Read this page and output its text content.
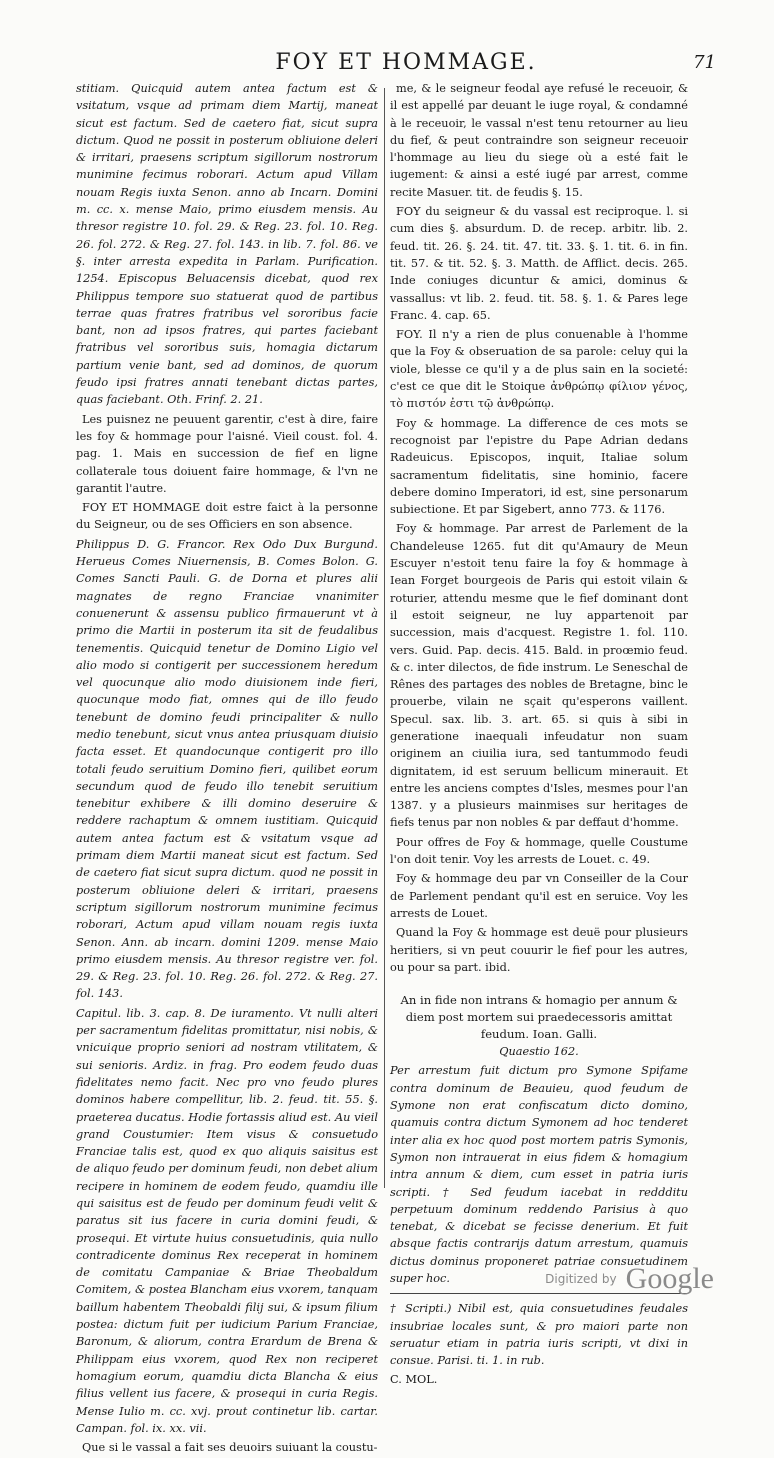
FOY ET HOMMAGE.	71
stitiam. Quicquid autem antea factum est & vsitatum, vsque ad primam diem Martij, maneat sicut est factum. Sed de caetero fiat, sicut supra dictum. Quod ne possit in posterum obliuione deleri & irritari, praesens scriptum sigillorum nostrorum munimine fecimus roborari. Actum apud Villam nouam Regis iuxta Senon. anno ab Incarn. Domini m. cc. x. mense Maio, primo eiusdem mensis. Au thresor registre 10. fol. 29. & Reg. 23. fol. 10. Reg. 26. fol. 272. & Reg. 27. fol. 143. in lib. 7. fol. 86. ve §. inter arresta expedita in Parlam. Purification. 1254. Episcopus Beluacensis dicebat, quod rex Philippus tempore suo statuerat quod de partibus terrae quas fratres fratribus vel sororibus facie bant, non ad ipsos fratres, qui partes faciebant fratribus vel sororibus suis, homagia dictarum partium venie bant, sed ad dominos, de quorum feudo ipsi fratres annati tenebant dictas partes, quas faciebant. Oth. Frinf. 2. 21.
Les puisnez ne peuuent garentir, c'est à dire, faire les foy & hommage pour l'aisné. Vieil coust. fol. 4. pag. 1. Mais en succession de fief en ligne collaterale tous doiuent faire hommage, & l'vn ne garantit l'autre.
FOY ET HOMMAGE doit estre faict à la personne du Seigneur, ou de ses Officiers en son absence.
Philippus D. G. Francor. Rex Odo Dux Burgund. Herueus Comes Niuernensis, B. Comes Bolon. G. Comes Sancti Pauli. G. de Dorna et plures alii magnates de regno Franciae vnanimiter conuenerunt & assensu publico firmauerunt vt à primo die Martii in posterum ita sit de feudalibus tenementis. Quicquid tenetur de Domino Ligio vel alio modo si contigerit per successionem heredum vel quocunque alio modo diuisionem inde fieri, quocunque modo fiat, omnes qui de illo feudo tenebunt de domino feudi principaliter & nullo medio tenebunt, sicut vnus antea priusquam diuisio facta esset. Et quandocunque contigerit pro illo totali feudo seruitium Domino fieri, quilibet eorum secundum quod de feudo illo tenebit seruitium tenebitur exhibere & illi domino deseruire & reddere rachaptum & omnem iustitiam. Quicquid autem antea factum est & vsitatum vsque ad primam diem Martii maneat sicut est factum. Sed de caetero fiat sicut supra dictum. quod ne possit in posterum obliuione deleri & irritari, praesens scriptum sigillorum nostrorum munimine fecimus roborari, Actum apud villam nouam regis iuxta Senon. Ann. ab incarn. domini 1209. mense Maio primo eiusdem mensis. Au thresor registre ver. fol. 29. & Reg. 23. fol. 10. Reg. 26. fol. 272. & Reg. 27. fol. 143.
Capitul. lib. 3. cap. 8. De iuramento. Vt nulli alteri per sacramentum fidelitas promittatur, nisi nobis, & vnicuique proprio seniori ad nostram vtilitatem, & sui senioris. Ardiz. in frag. Pro eodem feudo duas fidelitates nemo facit. Nec pro vno feudo plures dominos habere compellitur, lib. 2. feud. tit. 55. §. praeterea ducatus. Hodie fortassis aliud est. Au vieil grand Coustumier: Item visus & consuetudo Franciae talis est, quod ex quo aliquis saisitus est de aliquo feudo per dominum feudi, non debet alium recipere in hominem de eodem feudo, quamdiu ille qui saisitus est de feudo per dominum feudi velit & paratus sit ius facere in curia domini feudi, & prosequi. Et virtute huius consuetudinis, quia nullo contradicente dominus Rex receperat in hominem de comitatu Campaniae & Briae Theobaldum Comitem, & postea Blancham eius vxorem, tanquam baillum habentem Theobaldi filij sui, & ipsum filium postea: dictum fuit per iudicium Parium Franciae, Baronum, & aliorum, contra Erardum de Brena & Philippam eius vxorem, quod Rex non reciperet homagium eorum, quamdiu dicta Blancha & eius filius vellent ius facere, & prosequi in curia Regis. Mense Iulio m. cc. xvj. prout continetur lib. cartar. Campan. fol. ix. xx. vii.
Que si le vassal a fait ses deuoirs suiuant la coustu-
me, & le seigneur feodal aye refusé le receuoir, & il est appellé par deuant le iuge royal, & condamné à le receuoir, le vassal n'est tenu retourner au lieu du fief, & peut contraindre son seigneur receuoir l'hommage au lieu du siege où a esté fait le iugement: & ainsi a esté iugé par arrest, comme recite Masuer. tit. de feudis §. 15.
FOY du seigneur & du vassal est reciproque. l. si cum dies §. absurdum. D. de recep. arbitr. lib. 2. feud. tit. 26. §. 24. tit. 47. tit. 33. §. 1. tit. 6. in fin. tit. 57. & tit. 52. §. 3. Matth. de Afflict. decis. 265. Inde coniuges dicuntur & amici, dominus & vassallus: vt lib. 2. feud. tit. 58. §. 1. & Pares lege Franc. 4. cap. 65.
FOY. Il n'y a rien de plus conuenable à l'homme que la Foy & obseruation de sa parole: celuy qui la viole, blesse ce qu'il y a de plus sain en la societé: c'est ce que dit le Stoique ἀνθρώπῳ φίλιον γένος, τὸ πιστόν ἐστι τῷ ἀνθρώπῳ.
Foy & hommage. La difference de ces mots se recognoist par l'epistre du Pape Adrian dedans Radeuicus. Episcopos, inquit, Italiae solum sacramentum fidelitatis, sine hominio, facere debere domino Imperatori, id est, sine personarum subiectione. Et par Sigebert, anno 773. & 1176.
Foy & hommage. Par arrest de Parlement de la Chandeleuse 1265. fut dit qu'Amaury de Meun Escuyer n'estoit tenu faire la foy & hommage à Iean Forget bourgeois de Paris qui estoit vilain & roturier, attendu mesme que le fief dominant dont il estoit seigneur, ne luy appartenoit par succession, mais d'acquest. Registre 1. fol. 110. vers. Guid. Pap. decis. 415. Bald. in proœmio feud. & c. inter dilectos, de fide instrum. Le Seneschal de Rênes des partages des nobles de Bretagne, binc le prouerbe, vilain ne sçait qu'esperons vaillent. Specul. sax. lib. 3. art. 65. si quis à sibi in generatione inaequali infeudatur non suam originem an ciuilia iura, sed tantummodo feudi dignitatem, id est seruum bellicum minerauit. Et entre les anciens comptes d'Isles, mesmes pour l'an 1387. y a plusieurs mainmises sur heritages de fiefs tenus par non nobles & par deffaut d'homme.
Pour offres de Foy & hommage, quelle Coustume l'on doit tenir. Voy les arrests de Louet. c. 49.
Foy & hommage deu par vn Conseiller de la Cour de Parlement pendant qu'il est en seruice. Voy les arrests de Louet.
Quand la Foy & hommage est deuë pour plusieurs heritiers, si vn peut couurir le fief pour les autres, ou pour sa part. ibid.
An in fide non intrans & homagio per annum & diem post mortem sui praedecessoris amittat feudum. Ioan. Galli.
Quaestio 162.
Per arrestum fuit dictum pro Symone Spifame contra dominum de Beauieu, quod feudum de Symone non erat confiscatum dicto domino, quamuis contra dictum Symonem ad hoc tenderet inter alia ex hoc quod post mortem patris Symonis, Symon non intrauerat in eius fidem & homagium intra annum & diem, cum esset in patria iuris scripti. † Sed feudum iacebat in reddditu perpetuum dominum reddendo Parisius à quo tenebat, & dicebat se fecisse denerium. Et fuit absque factis contrarijs datum arrestum, quamuis dictus dominus proponeret patriae consuetudinem super hoc.
† Scripti.) Nibil est, quia consuetudines feudales insubriae locales sunt, & pro maiori parte non seruatur etiam in patria iuris scripti, vt dixi in consue. Parisi. ti. 1. in rub.
C. MOL.
Digitized by Google
